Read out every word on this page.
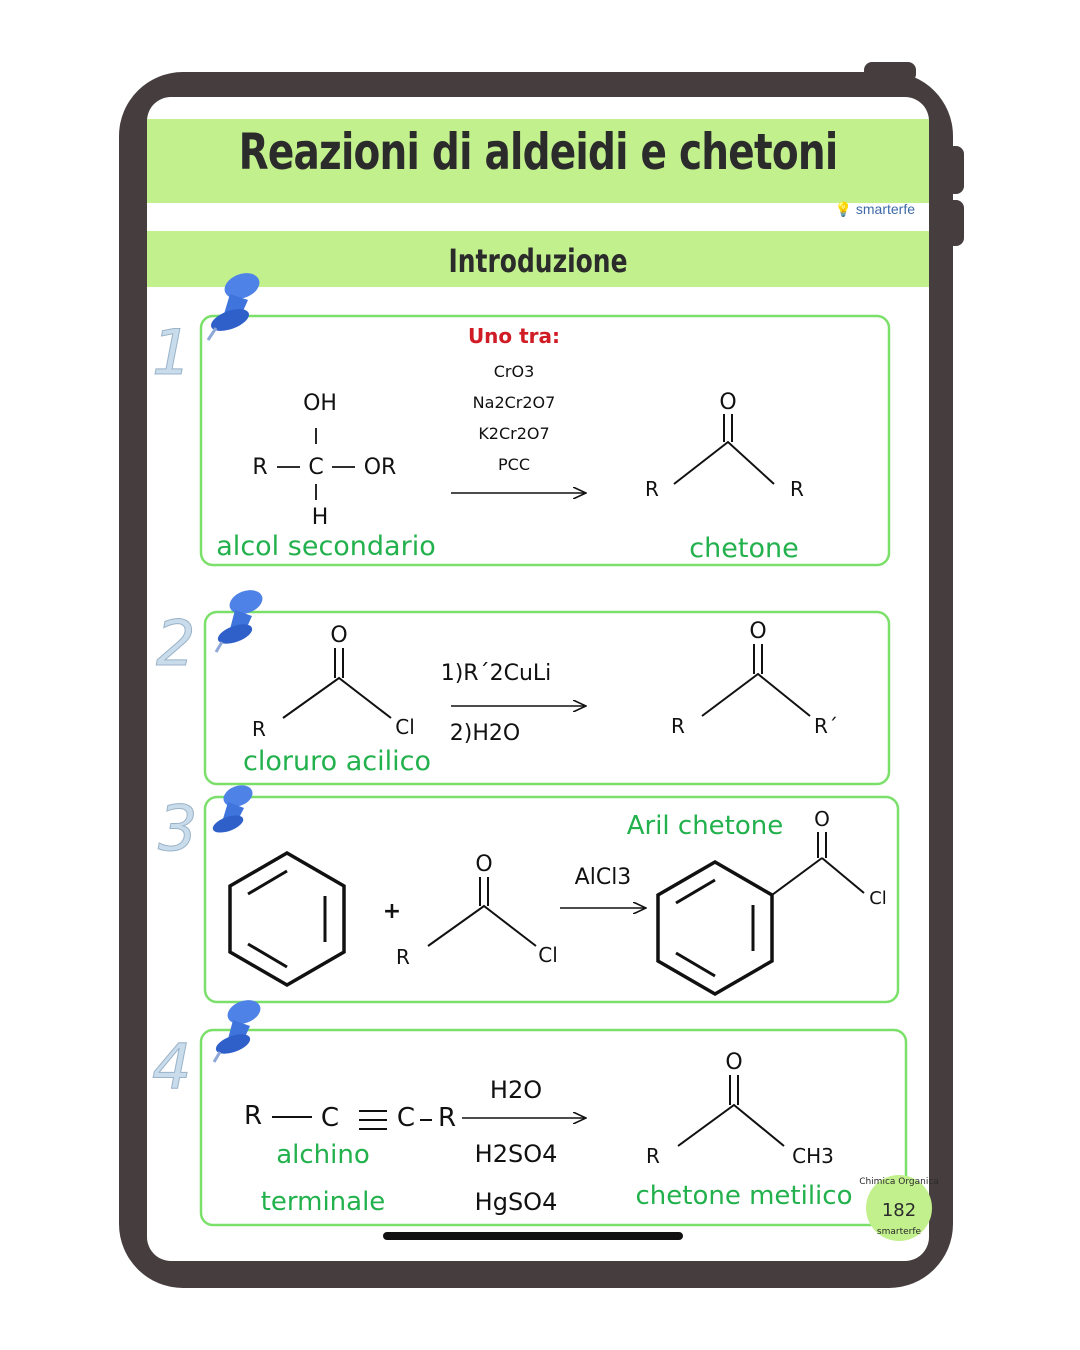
Reazioni di aldeidi e chetoni
💡 smarterfe
Introduzione
1	Uno tra:
CrO3
Na2Cr2O7
K2Cr2O7
PCC
OH
R C OR
H
alcol secondario
O
R	R
chetone
2	O
R	Cl
cloruro acilico
1)R´2CuLi
2)H2O
O
R	R´
3
+
O
R	Cl
AlCl3
Aril chetone O
Cl
4
R C C R
alchino
terminale
H2O
H2SO4
HgSO4
O
R	CH3
chetone metilico Chimica Organica
182
smarterfe
